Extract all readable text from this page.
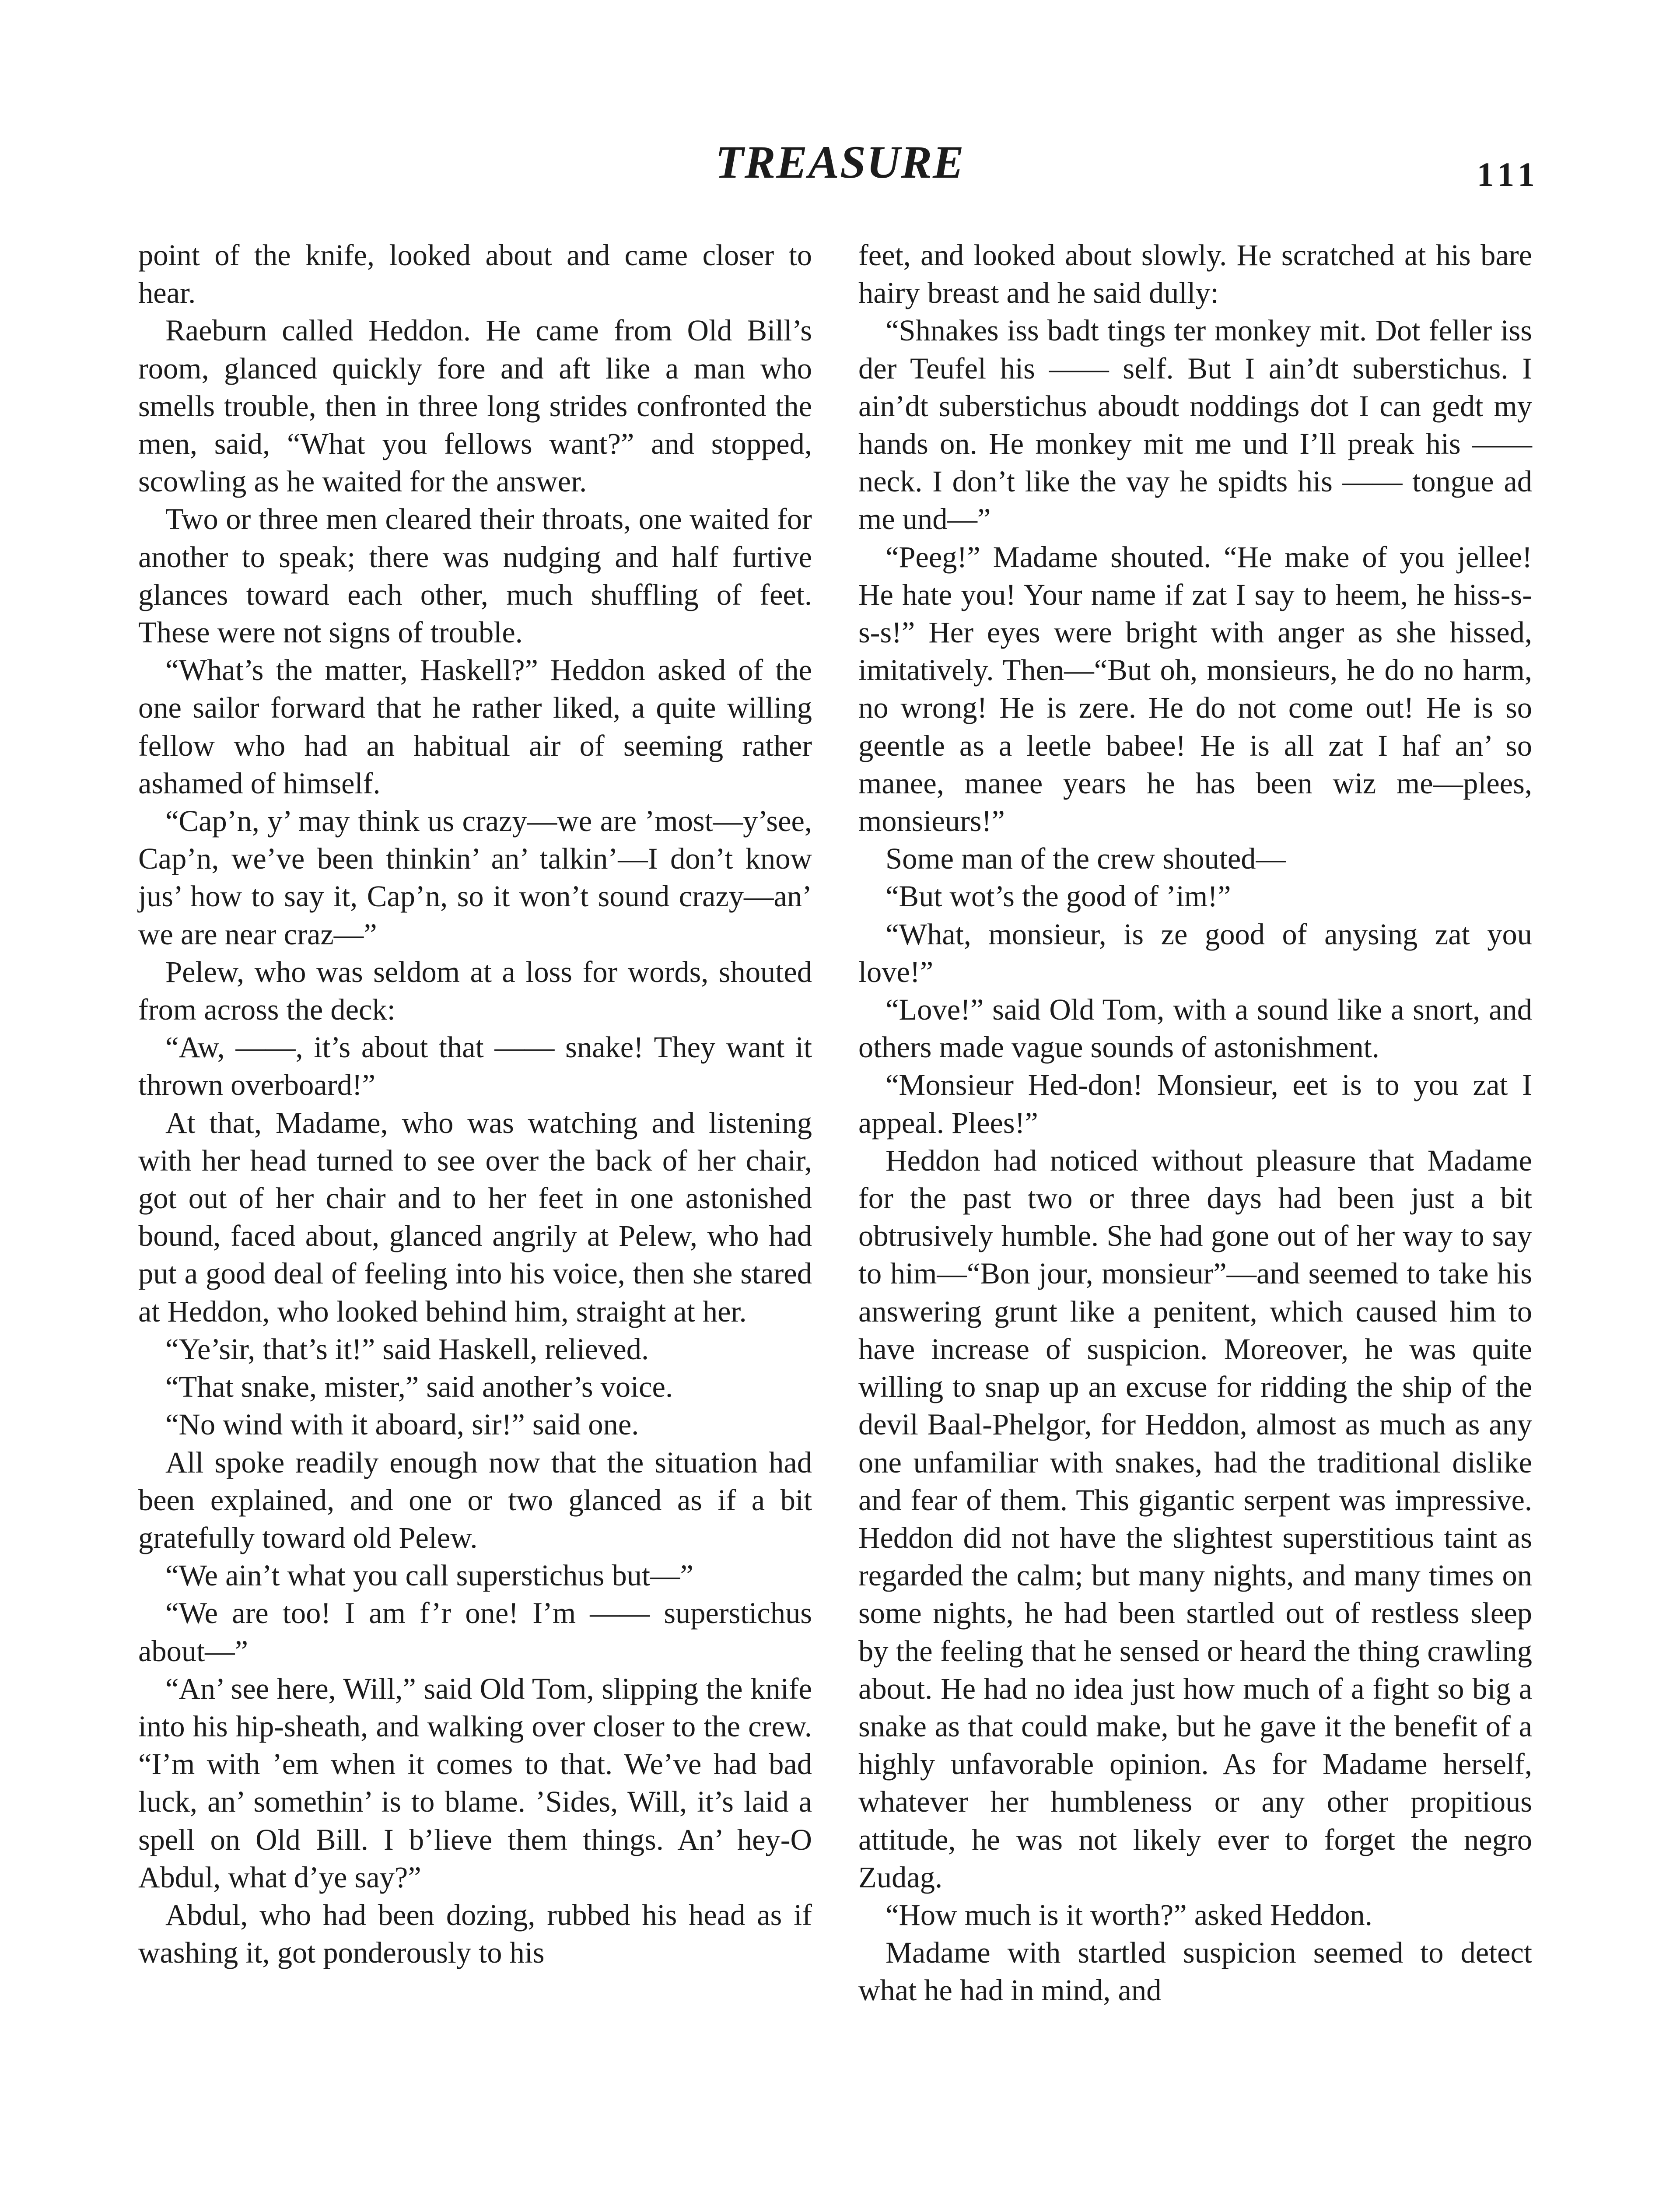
TREASURE	111

point of the knife, looked about and came closer to hear.

Raeburn called Heddon. He came from Old Bill’s room, glanced quickly fore and aft like a man who smells trouble, then in three long strides confronted the men, said, “What you fellows want?” and stopped, scowling as he waited for the answer.

Two or three men cleared their throats, one waited for another to speak; there was nudging and half furtive glances toward each other, much shuffling of feet. These were not signs of trouble.

“What’s the matter, Haskell?” Heddon asked of the one sailor forward that he rather liked, a quite willing fellow who had an habitual air of seeming rather ashamed of himself.

“Cap’n, y’ may think us crazy—we are ’most—y’see, Cap’n, we’ve been thinkin’ an’ talkin’—I don’t know jus’ how to say it, Cap’n, so it won’t sound crazy—an’ we are near craz—”

Pelew, who was seldom at a loss for words, shouted from across the deck:

“Aw, ——, it’s about that —— snake! They want it thrown overboard!”

At that, Madame, who was watching and listening with her head turned to see over the back of her chair, got out of her chair and to her feet in one astonished bound, faced about, glanced angrily at Pelew, who had put a good deal of feeling into his voice, then she stared at Heddon, who looked behind him, straight at her.

“Ye’sir, that’s it!” said Haskell, relieved.

“That snake, mister,” said another’s voice.

“No wind with it aboard, sir!” said one.

All spoke readily enough now that the situation had been explained, and one or two glanced as if a bit gratefully toward old Pelew.

“We ain’t what you call superstichus but—”

“We are too! I am f’r one! I’m —— superstichus about—”

“An’ see here, Will,” said Old Tom, slipping the knife into his hip-sheath, and walking over closer to the crew. “I’m with ’em when it comes to that. We’ve had bad luck, an’ somethin’ is to blame. ’Sides, Will, it’s laid a spell on Old Bill. I b’lieve them things. An’ hey-O Abdul, what d’ye say?”

Abdul, who had been dozing, rubbed his head as if washing it, got ponderously to his

feet, and looked about slowly. He scratched at his bare hairy breast and he said dully:

“Shnakes iss badt tings ter monkey mit. Dot feller iss der Teufel his —— self. But I ain’dt suberstichus. I ain’dt suberstichus aboudt noddings dot I can gedt my hands on. He monkey mit me und I’ll preak his —— neck. I don’t like the vay he spidts his —— tongue ad me und—”

“Peeg!” Madame shouted. “He make of you jellee! He hate you! Your name if zat I say to heem, he hiss-s-s-s!” Her eyes were bright with anger as she hissed, imitatively. Then—“But oh, monsieurs, he do no harm, no wrong! He is zere. He do not come out! He is so geentle as a leetle babee! He is all zat I haf an’ so manee, manee years he has been wiz me—plees, monsieurs!”

Some man of the crew shouted—

“But wot’s the good of ’im!”

“What, monsieur, is ze good of anysing zat you love!”

“Love!” said Old Tom, with a sound like a snort, and others made vague sounds of astonishment.

“Monsieur Hed-don! Monsieur, eet is to you zat I appeal. Plees!”

Heddon had noticed without pleasure that Madame for the past two or three days had been just a bit obtrusively humble. She had gone out of her way to say to him—“Bon jour, monsieur”—and seemed to take his answering grunt like a penitent, which caused him to have increase of suspicion. Moreover, he was quite willing to snap up an excuse for ridding the ship of the devil Baal-Phelgor, for Heddon, almost as much as any one unfamiliar with snakes, had the traditional dislike and fear of them. This gigantic serpent was impressive. Heddon did not have the slightest superstitious taint as regarded the calm; but many nights, and many times on some nights, he had been startled out of restless sleep by the feeling that he sensed or heard the thing crawling about. He had no idea just how much of a fight so big a snake as that could make, but he gave it the benefit of a highly unfavorable opinion. As for Madame herself, whatever her humbleness or any other propitious attitude, he was not likely ever to forget the negro Zudag.

“How much is it worth?” asked Heddon.

Madame with startled suspicion seemed to detect what he had in mind, and
